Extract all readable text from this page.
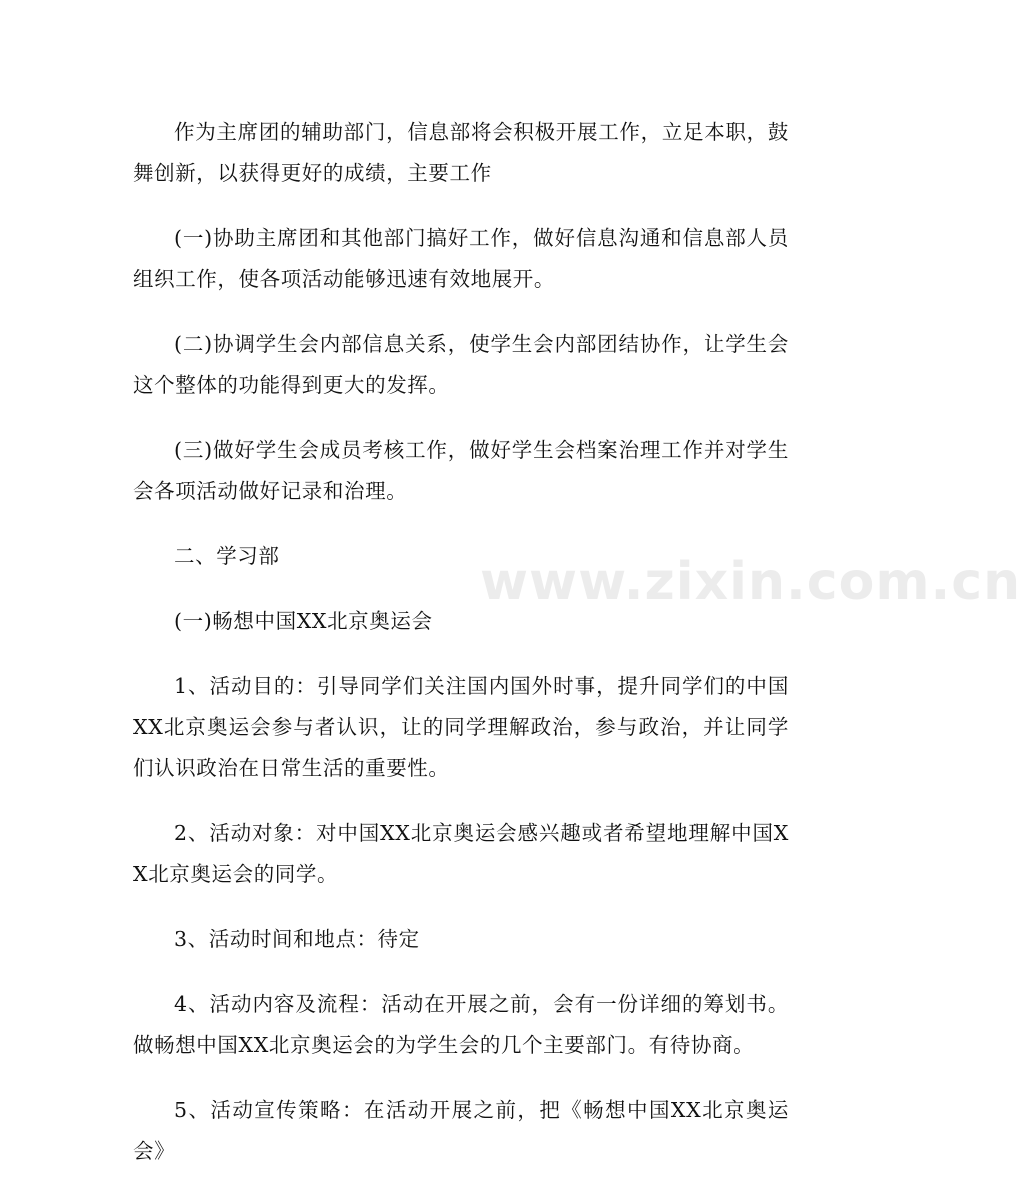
作为主席团的辅助部门，信息部将会积极开展工作，立足本职，鼓舞创新，以获得更好的成绩，主要工作

(一)协助主席团和其他部门搞好工作，做好信息沟通和信息部人员组织工作，使各项活动能够迅速有效地展开。

(二)协调学生会内部信息关系，使学生会内部团结协作，让学生会这个整体的功能得到更大的发挥。

(三)做好学生会成员考核工作，做好学生会档案治理工作并对学生会各项活动做好记录和治理。

二、学习部

(一)畅想中国XX北京奥运会

1、活动目的：引导同学们关注国内国外时事，提升同学们的中国XX北京奥运会参与者认识，让的同学理解政治，参与政治，并让同学们认识政治在日常生活的重要性。

2、活动对象：对中国XX北京奥运会感兴趣或者希望地理解中国XX北京奥运会的同学。

3、活动时间和地点：待定

4、活动内容及流程：活动在开展之前，会有一份详细的筹划书。做畅想中国XX北京奥运会的为学生会的几个主要部门。有待协商。

5、活动宣传策略：在活动开展之前，把《畅想中国XX北京奥运会》

www.zixin.com.cn
